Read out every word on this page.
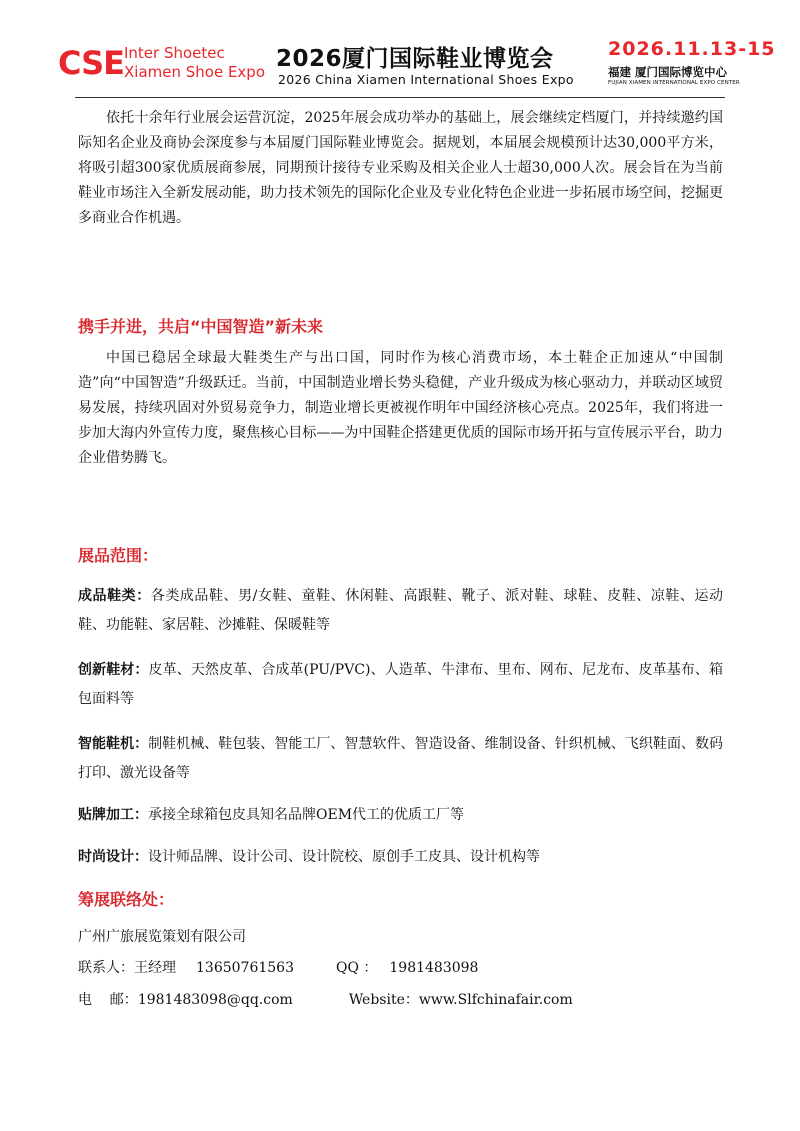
CSE Inter Shoetec
Xiamen Shoe Expo 2026厦门国际鞋业博览会
2026 China Xiamen International Shoes Expo
2026.11.13-15
福建 厦门国际博览中心
FUJIAN XIAMEN INTERNATIONAL EXPO CENTER

依托十余年行业展会运营沉淀，2025年展会成功举办的基础上，展会继续定档厦门，并持续邀约国际知名企业及商协会深度参与本届厦门国际鞋业博览会。据规划，本届展会规模预计达30,000平方米，将吸引超300家优质展商参展，同期预计接待专业采购及相关企业人士超30,000人次。展会旨在为当前鞋业市场注入全新发展动能，助力技术领先的国际化企业及专业化特色企业进一步拓展市场空间，挖掘更多商业合作机遇。

携手并进，共启“中国智造”新未来

中国已稳居全球最大鞋类生产与出口国，同时作为核心消费市场，本土鞋企正加速从“中国制造”向“中国智造”升级跃迁。当前，中国制造业增长势头稳健，产业升级成为核心驱动力，并联动区域贸易发展，持续巩固对外贸易竞争力，制造业增长更被视作明年中国经济核心亮点。2025年，我们将进一步加大海内外宣传力度，聚焦核心目标——为中国鞋企搭建更优质的国际市场开拓与宣传展示平台，助力企业借势腾飞。

展品范围：

成品鞋类：各类成品鞋、男/女鞋、童鞋、休闲鞋、高跟鞋、靴子、派对鞋、球鞋、皮鞋、凉鞋、运动鞋、功能鞋、家居鞋、沙摊鞋、保暖鞋等

创新鞋材：皮革、天然皮革、合成革(PU/PVC)、人造革、牛津布、里布、网布、尼龙布、皮革基布、箱包面料等

智能鞋机：制鞋机械、鞋包装、智能工厂、智慧软件、智造设备、维制设备、针织机械、飞织鞋面、数码打印、激光设备等

贴牌加工：承接全球箱包皮具知名品牌OEM代工的优质工厂等

时尚设计：设计师品牌、设计公司、设计院校、原创手工皮具、设计机构等

筹展联络处：

广州广旅展览策划有限公司

联系人：王经理 13650761563	QQ ： 1981483098

电    邮：1981483098@qq.com	Website：www.Slfchinafair.com
